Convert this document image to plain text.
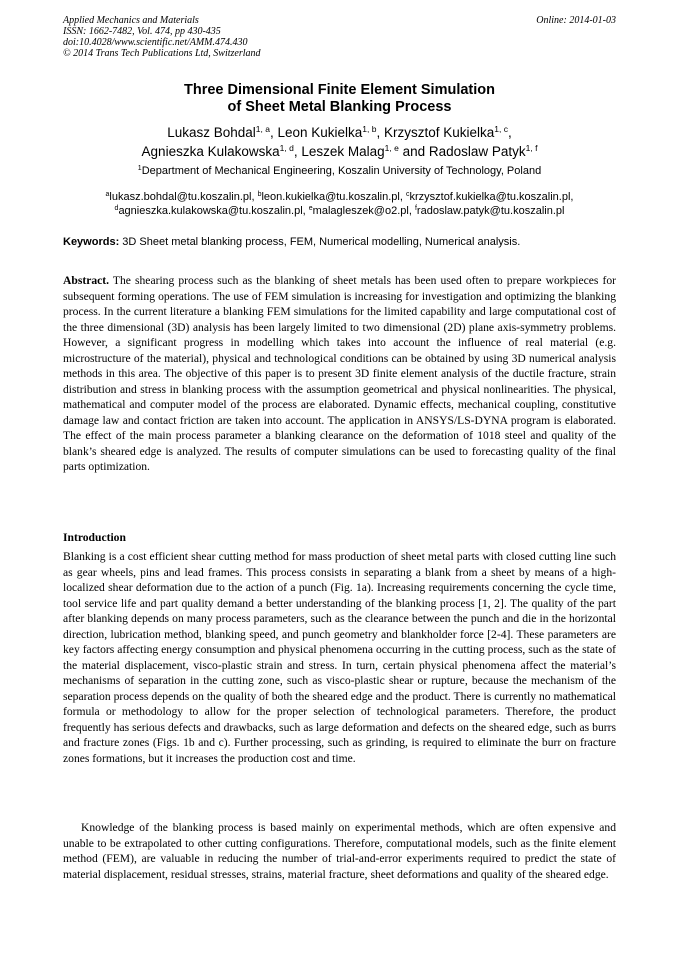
Applied Mechanics and Materials
ISSN: 1662-7482, Vol. 474, pp 430-435
doi:10.4028/www.scientific.net/AMM.474.430
© 2014 Trans Tech Publications Ltd, Switzerland
Online: 2014-01-03
Three Dimensional Finite Element Simulation
of Sheet Metal Blanking Process
Lukasz Bohdal$^{1, a}$, Leon Kukielka$^{1, b}$, Krzysztof Kukielka$^{1, c}$,
Agnieszka Kulakowska$^{1, d}$, Leszek Malag$^{1, e}$ and Radoslaw Patyk$^{1, f}$
$^1$Department of Mechanical Engineering, Koszalin University of Technology, Poland
$^a$lukasz.bohdal@tu.koszalin.pl, $^b$leon.kukielka@tu.koszalin.pl, $^c$krzysztof.kukielka@tu.koszalin.pl,
$^d$agnieszka.kulakowska@tu.koszalin.pl, $^e$malagleszek@o2.pl, $^f$radoslaw.patyk@tu.koszalin.pl
Keywords: 3D Sheet metal blanking process, FEM, Numerical modelling, Numerical analysis.
Abstract. The shearing process such as the blanking of sheet metals has been used often to prepare workpieces for subsequent forming operations. The use of FEM simulation is increasing for investigation and optimizing the blanking process. In the current literature a blanking FEM simulations for the limited capability and large computational cost of the three dimensional (3D) analysis has been largely limited to two dimensional (2D) plane axis-symmetry problems. However, a significant progress in modelling which takes into account the influence of real material (e.g. microstructure of the material), physical and technological conditions can be obtained by using 3D numerical analysis methods in this area. The objective of this paper is to present 3D finite element analysis of the ductile fracture, strain distribution and stress in blanking process with the assumption geometrical and physical nonlinearities. The physical, mathematical and computer model of the process are elaborated. Dynamic effects, mechanical coupling, constitutive damage law and contact friction are taken into account. The application in ANSYS/LS-DYNA program is elaborated. The effect of the main process parameter a blanking clearance on the deformation of 1018 steel and quality of the blank’s sheared edge is analyzed. The results of computer simulations can be used to forecasting quality of the final parts optimization.
Introduction
Blanking is a cost efficient shear cutting method for mass production of sheet metal parts with closed cutting line such as gear wheels, pins and lead frames. This process consists in separating a blank from a sheet by means of a high-localized shear deformation due to the action of a punch (Fig. 1a). Increasing requirements concerning the cycle time, tool service life and part quality demand a better understanding of the blanking process [1, 2]. The quality of the part after blanking depends on many process parameters, such as the clearance between the punch and die in the horizontal direction, lubrication method, blanking speed, and punch geometry and blankholder force [2-4]. These parameters are key factors affecting energy consumption and physical phenomena occurring in the cutting process, such as the state of the material displacement, visco-plastic strain and stress. In turn, certain physical phenomena affect the material’s mechanisms of separation in the cutting zone, such as visco-plastic shear or rupture, because the mechanism of the separation process depends on the quality of both the sheared edge and the product. There is currently no mathematical formula or methodology to allow for the proper selection of technological parameters. Therefore, the product frequently has serious defects and drawbacks, such as large deformation and defects on the sheared edge, such as burrs and fracture zones (Figs. 1b and c). Further processing, such as grinding, is required to eliminate the burr on fracture zones formations, but it increases the production cost and time.
Knowledge of the blanking process is based mainly on experimental methods, which are often expensive and unable to be extrapolated to other cutting configurations. Therefore, computational models, such as the finite element method (FEM), are valuable in reducing the number of trial-and-error experiments required to predict the state of material displacement, residual stresses, strains, material fracture, sheet deformations and quality of the sheared edge.
